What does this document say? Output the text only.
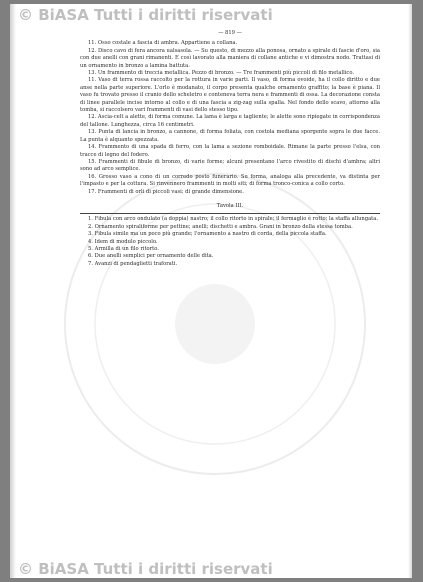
© BiASA Tutti i diritti riservati
— 819 —

11. Osso costale a fascia di ambra. Appartiene a collana.

12. Disco cavo di fera ancora ualsasola. — Su questo, di mezzo alla ponosa, ornato a spirale di fascie d'oro, sia con due anelli con grani rimanenti. E così lavorato alla maniera di collane antiche e vi dimostra nodo. Trattasi di un ornamento in bronzo a lamina battuta.

13. Un frammento di treccia metallica. Pezzo di bronzo. — Tre frammenti più piccoli di filo metallico.

11. Vaso di terra rossa raccolto per la rottura in varie parti. Il vaso, di forma ovoide, ha il collo diritto e due anse nella parte superiore. L'orlo è modanato, il corpo presenta qualche ornamento graffito; la base è piana. Il vaso fu trovato presso il cranio dello scheletro e conteneva terra nera e frammenti di ossa. La decorazione consta di linee parallele incise intorno al collo e di una fascia a zig-zag sulla spalla. Nel fondo dello scavo, attorno alla tomba, si raccolsero vari frammenti di vasi dello stesso tipo.

12. Ascia-celt a alette, di forma comune. La lama è larga e tagliente; le alette sono ripiegate in corrispondenza del tallone. Lunghezza, circa 16 centimetri.

13. Punta di lancia in bronzo, a cannone, di forma foliata, con costola mediana sporgente sopra le due facce. La punta è alquanto spezzata.

14. Frammento di una spada di ferro, con la lama a sezione romboidale. Rimane la parte presso l'elsa, con tracce di legno del fodero.

15. Frammenti di fibule di bronzo, di varie forme; alcuni presentano l'arco rivestito di dischi d'ambra; altri sono ad arco semplice.

16. Grosso vaso a cono di un corredo posto funerario. Su forma, analoga alla precedente, va distinta per l'impasto e per la cottura. Si rinvennero frammenti in molti siti; di forma tronco-conica a collo corto.

17. Frammenti di orli di piccoli vasi; di grande dimensione.

Tavola III.

1. Fibula con arco ondulato (a doppia) nastro; il collo ritorto in spirale; il fermaglio è rotto; la staffa allungata.

2. Ornamento spiraliforme per pettine; anelli; dischetti e ambra. Grani in bronzo della stessa tomba.

3. Fibula simile ma un poco più grande; l'ornamento a nastro di corda, della piccola staffa.

4. Idem di modulo piccolo.

5. Armilla di un filo ritorto.

6. Due anelli semplici per ornamento delle dita.

7. Avanzi di pendaglietti traforati.

© BiASA Tutti i diritti riservati
